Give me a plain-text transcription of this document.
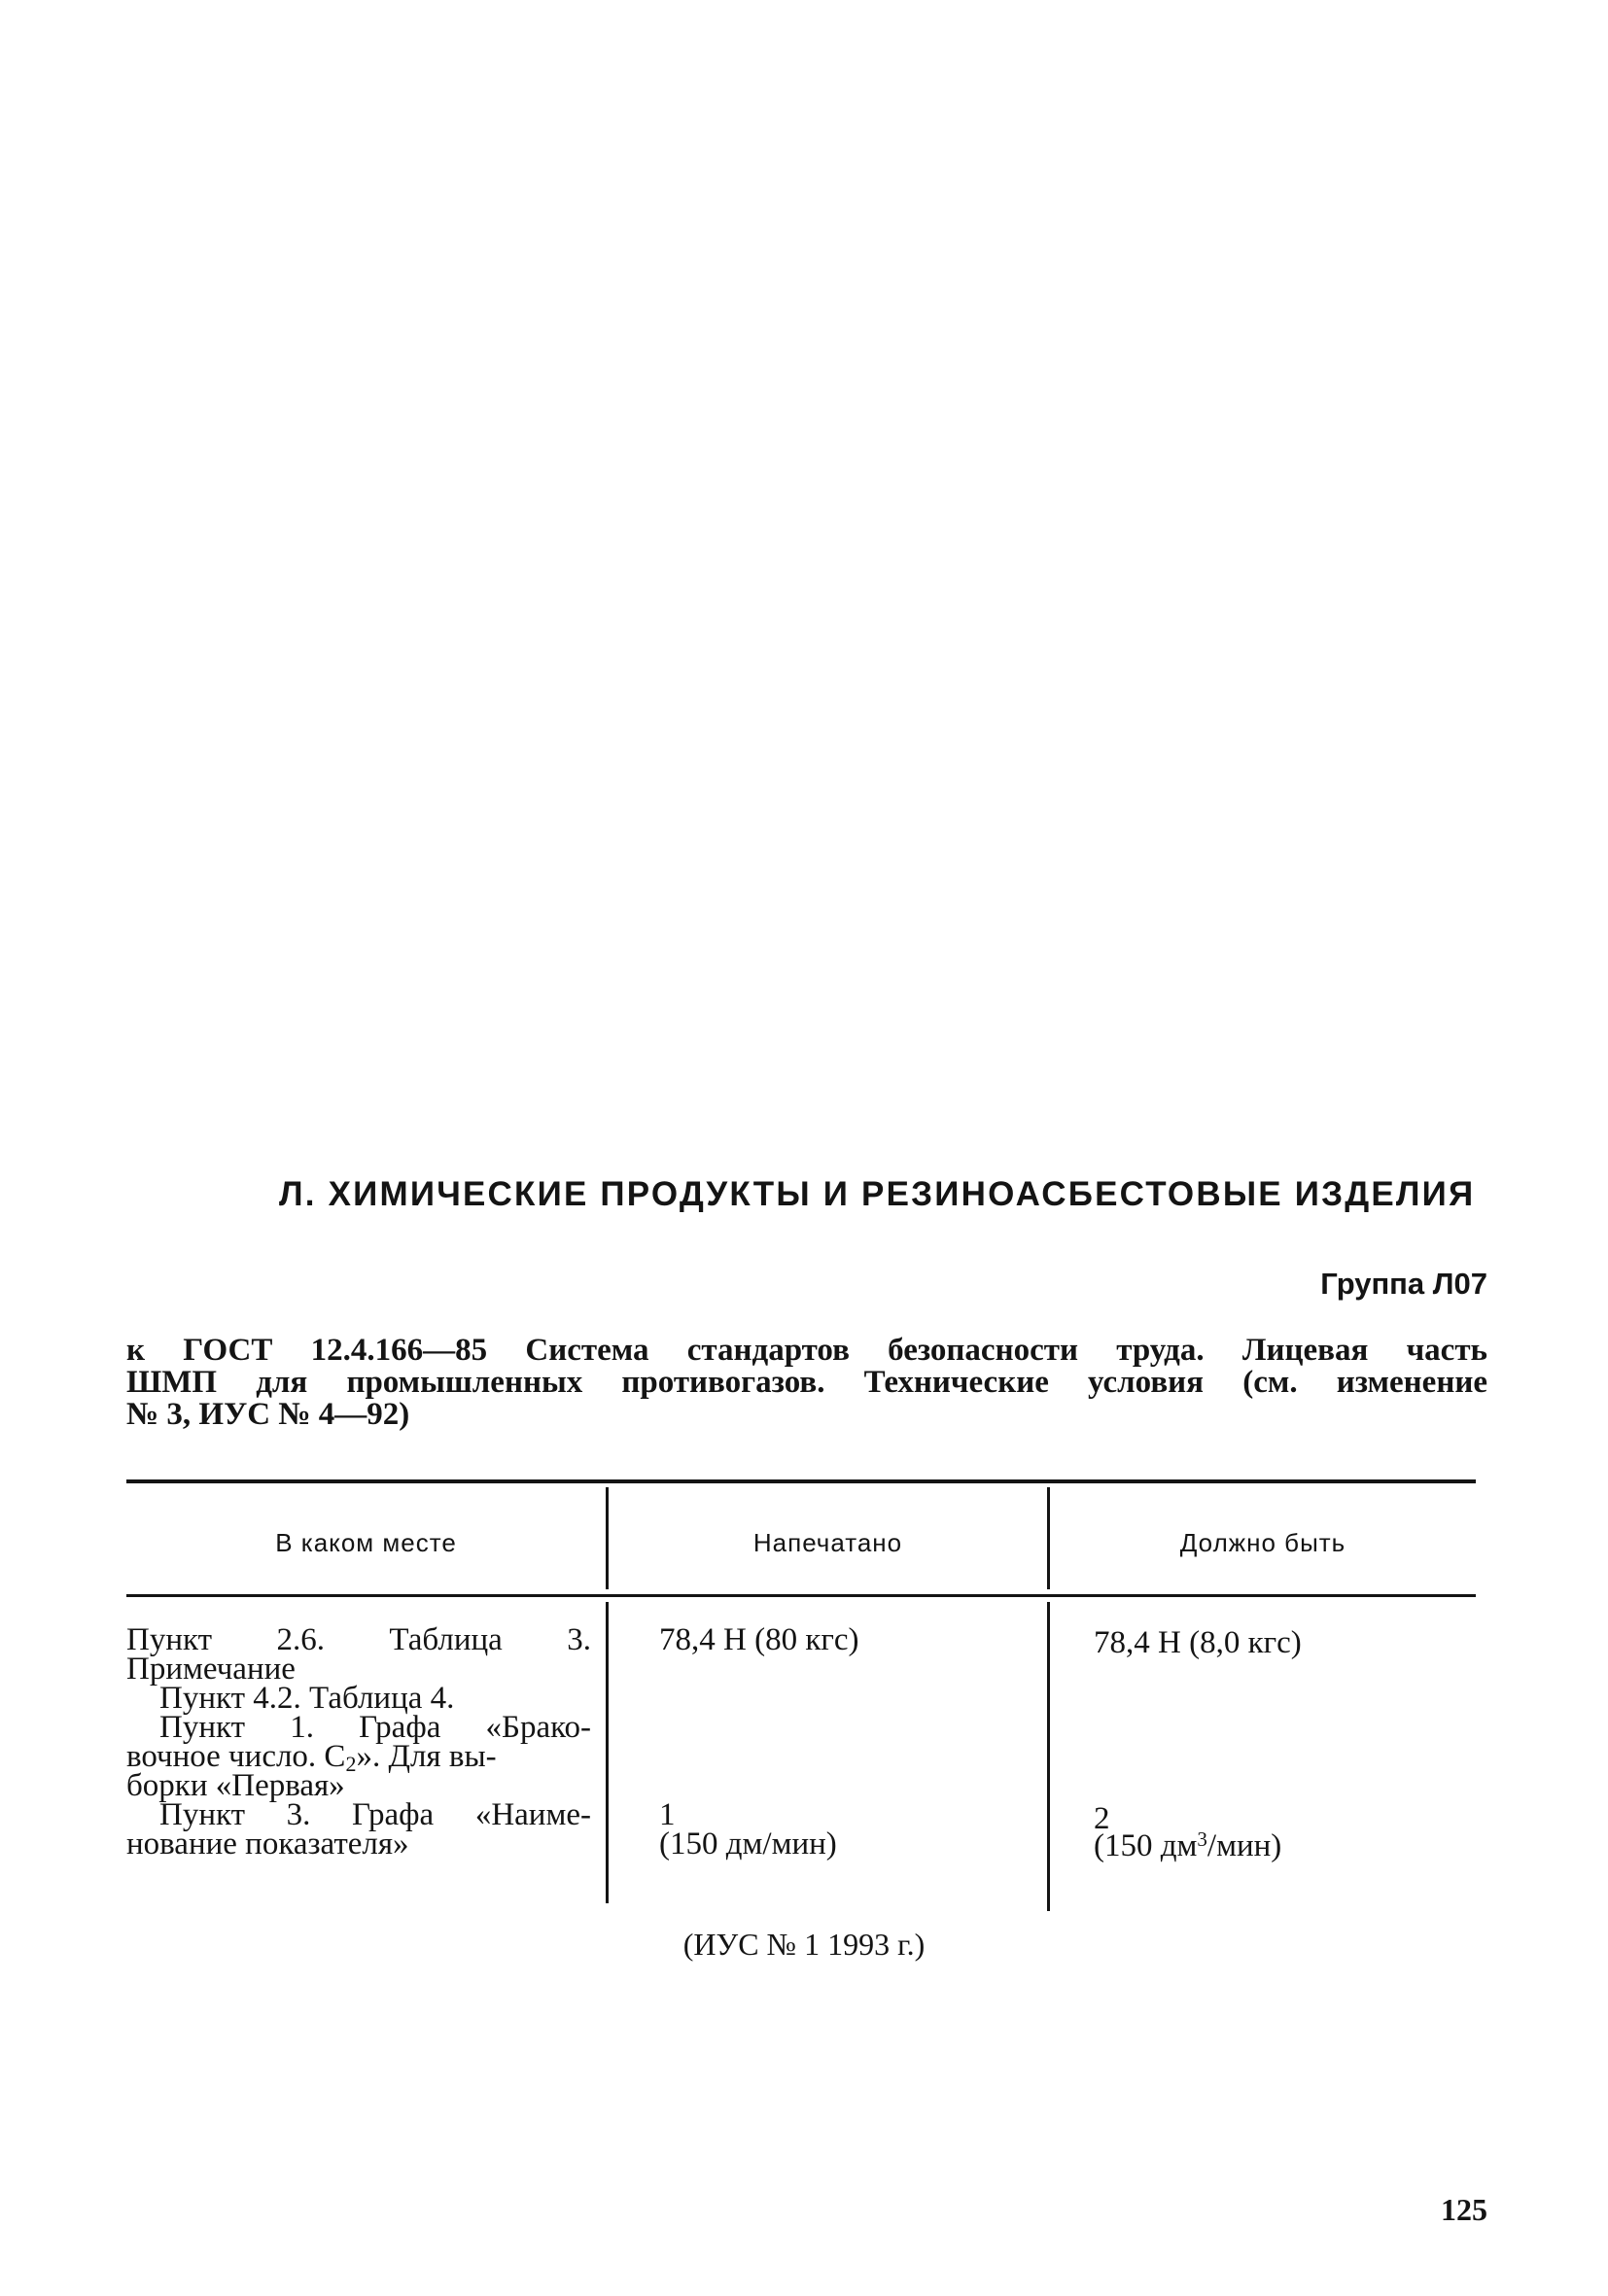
Л. ХИМИЧЕСКИЕ ПРОДУКТЫ И РЕЗИНОАСБЕСТОВЫЕ ИЗДЕЛИЯ
Группа Л07
к ГОСТ 12.4.166—85 Система стандартов безопасности труда. Лицевая часть
ШМП для промышленных противогазов. Технические условия (см. изменение
№ 3, ИУС № 4—92)
В каком месте	Напечатано	Должно быть
Пункт 2.6. Таблица 3.
Примечание
Пункт 4.2. Таблица 4.
Пункт 1. Графа «Брако-
вочное число. $C_2$». Для вы-
борки «Первая»
Пункт 3. Графа «Наиме-
нование показателя»
78,4 Н (80 кгс)
1
(150 дм/мин)
78,4 Н (8,0 кгс)
2
(150 $дм^3/мин$)
(ИУС № 1 1993 г.)
125
